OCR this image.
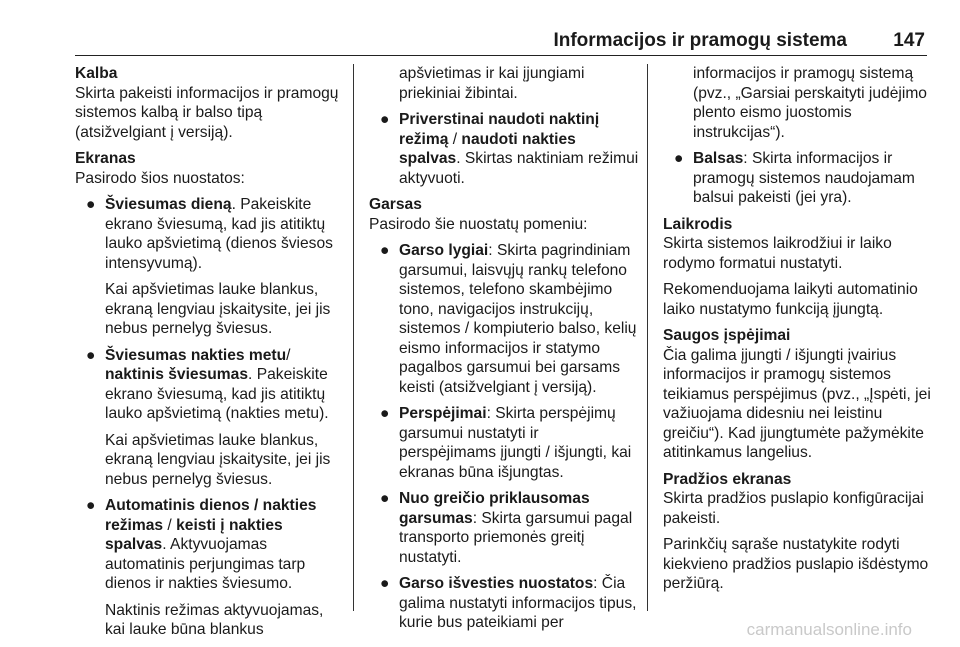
Informacijos ir pramogų sistema 147
Kalba

Skirta pakeisti informacijos ir pramogų sistemos kalbą ir balso tipą (atsižvelgiant į versiją).

Ekranas

Pasirodo šios nuostatos:

● Šviesumas dieną. Pakeiskite ekrano šviesumą, kad jis atitiktų lauko apšvietimą (dienos šviesos intensyvumą).

Kai apšvietimas lauke blankus, ekraną lengviau įskaitysite, jei jis nebus pernelyg šviesus.

● Šviesumas nakties metu/ naktinis šviesumas. Pakeiskite ekrano šviesumą, kad jis atitiktų lauko apšvietimą (nakties metu).

Kai apšvietimas lauke blankus, ekraną lengviau įskaitysite, jei jis nebus pernelyg šviesus.

● Automatinis dienos / nakties režimas / keisti į nakties spalvas. Aktyvuojamas automatinis perjungimas tarp dienos ir nakties šviesumo.

Naktinis režimas aktyvuojamas, kai lauke būna blankus

apšvietimas ir kai įjungiami priekiniai žibintai.

● Priverstinai naudoti naktinį režimą / naudoti nakties spalvas. Skirtas naktiniam režimui aktyvuoti.

Garsas

Pasirodo šie nuostatų pomeniu:

● Garso lygiai: Skirta pagrindiniam garsumui, laisvųjų rankų telefono sistemos, telefono skambėjimo tono, navigacijos instrukcijų, sistemos / kompiuterio balso, kelių eismo informacijos ir statymo pagalbos garsumui bei garsams keisti (atsižvelgiant į versiją).

● Perspėjimai: Skirta perspėjimų garsumui nustatyti ir perspėjimams įjungti / išjungti, kai ekranas būna išjungtas.

● Nuo greičio priklausomas garsumas: Skirta garsumui pagal transporto priemonės greitį nustatyti.

● Garso išvesties nuostatos: Čia galima nustatyti informacijos tipus, kurie bus pateikiami per

informacijos ir pramogų sistemą (pvz., „Garsiai perskaityti judėjimo plento eismo juostomis instrukcijas“).

● Balsas: Skirta informacijos ir pramogų sistemos naudojamam balsui pakeisti (jei yra).

Laikrodis

Skirta sistemos laikrodžiui ir laiko rodymo formatui nustatyti.

Rekomenduojama laikyti automatinio laiko nustatymo funkciją įjungtą.

Saugos įspėjimai

Čia galima įjungti / išjungti įvairius informacijos ir pramogų sistemos teikiamus perspėjimus (pvz., „Įspėti, jei važiuojama didesniu nei leistinu greičiu“). Kad įjungtumėte pažymėkite atitinkamus langelius.

Pradžios ekranas

Skirta pradžios puslapio konfigūracijai pakeisti.

Parinkčių sąraše nustatykite rodyti kiekvieno pradžios puslapio išdėstymo peržiūrą.

carmanualsonline.info
